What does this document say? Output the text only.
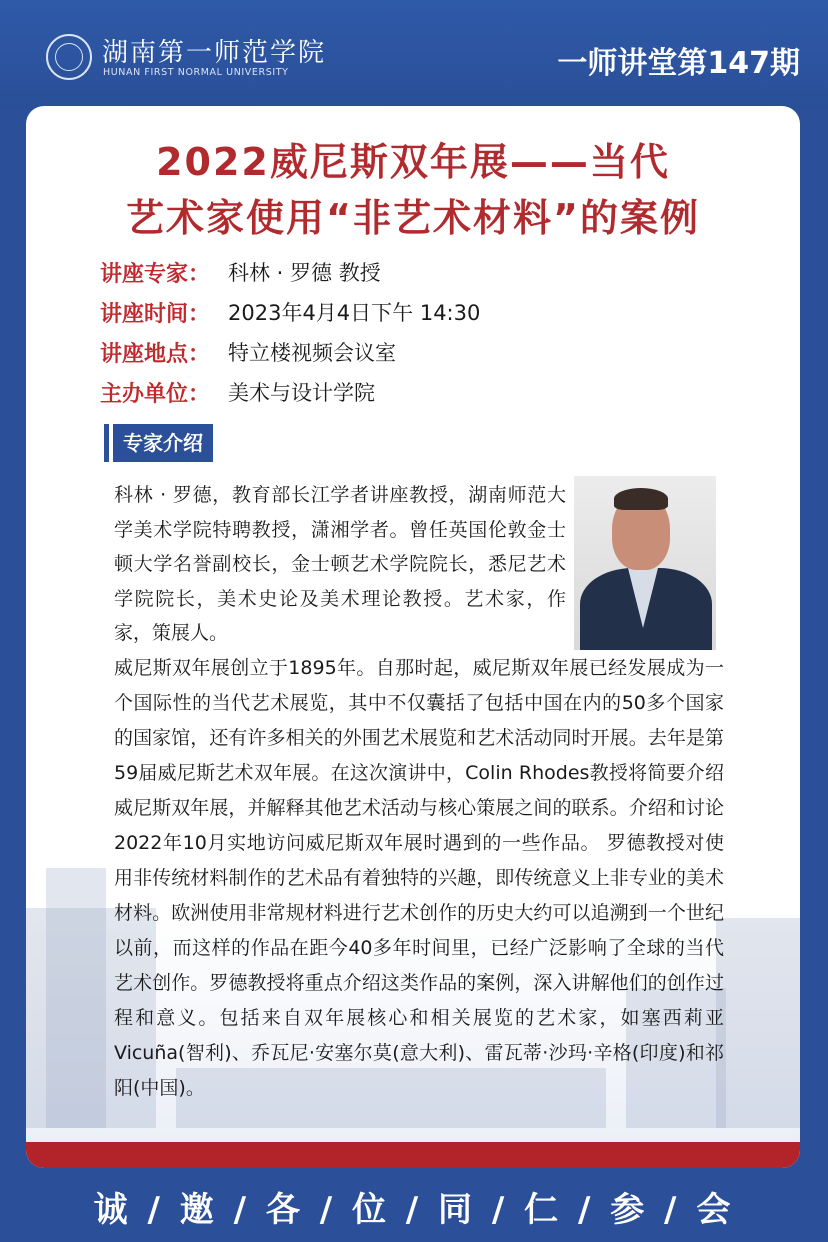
湖南第一师范学院
HUNAN FIRST NORMAL UNIVERSITY	一师讲堂第147期
2022威尼斯双年展——当代
艺术家使用“非艺术材料”的案例
讲座专家： 科林 · 罗德 教授
讲座时间： 2023年4月4日下午 14:30
讲座地点： 特立楼视频会议室
主办单位： 美术与设计学院
专家介绍
科林 · 罗德，教育部长江学者讲座教授，湖南师范大学美术学院特聘教授，潇湘学者。曾任英国伦敦金士顿大学名誉副校长，金士顿艺术学院院长，悉尼艺术学院院长，美术史论及美术理论教授。艺术家，作家，策展人。
威尼斯双年展创立于1895年。自那时起，威尼斯双年展已经发展成为一个国际性的当代艺术展览，其中不仅囊括了包括中国在内的50多个国家的国家馆，还有许多相关的外围艺术展览和艺术活动同时开展。去年是第59届威尼斯艺术双年展。在这次演讲中，Colin Rhodes教授将简要介绍威尼斯双年展，并解释其他艺术活动与核心策展之间的联系。介绍和讨论2022年10月实地访问威尼斯双年展时遇到的一些作品。 罗德教授对使用非传统材料制作的艺术品有着独特的兴趣，即传统意义上非专业的美术材料。欧洲使用非常规材料进行艺术创作的历史大约可以追溯到一个世纪以前，而这样的作品在距今40多年时间里，已经广泛影响了全球的当代艺术创作。罗德教授将重点介绍这类作品的案例，深入讲解他们的创作过程和意义。包括来自双年展核心和相关展览的艺术家，如塞西莉亚Vicuña(智利)、乔瓦尼·安塞尔莫(意大利)、雷瓦蒂·沙玛·辛格(印度)和祁阳(中国)。
诚 / 邀 / 各 / 位 / 同 / 仁 / 参 / 会
